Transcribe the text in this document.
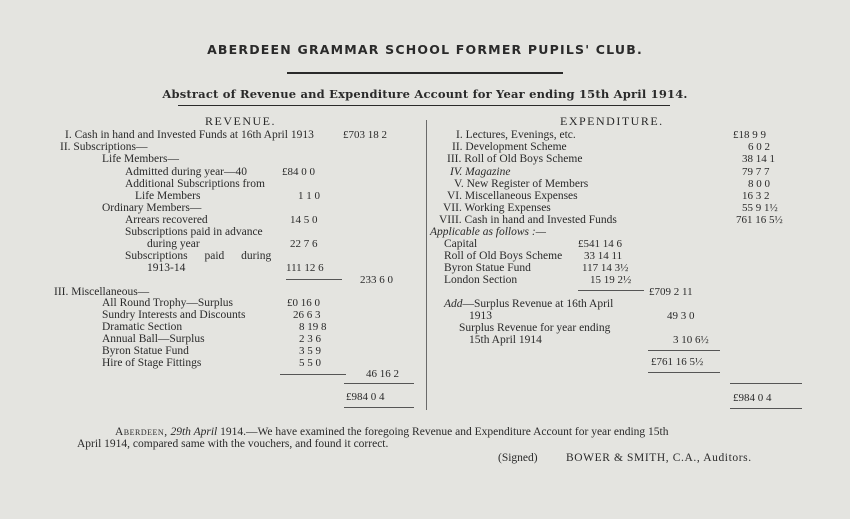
ABERDEEN GRAMMAR SCHOOL FORMER PUPILS' CLUB.
Abstract of Revenue and Expenditure Account for Year ending 15th April 1914.
REVENUE.
I. Cash in hand and Invested Funds at 16th April 1913	£703 18 2
II. Subscriptions—
Life Members—
Admitted during year—40	£84 0 0
Additional Subscriptions from
Life Members	1 1 0
Ordinary Members—
Arrears recovered	14 5 0
Subscriptions paid in advance
during year	22 7 6
Subscriptions paid during
1913-14	111 12 6
233 6 0
III. Miscellaneous—
All Round Trophy—Surplus	£0 16 0
Sundry Interests and Discounts	26 6 3
Dramatic Section	8 19 8
Annual Ball—Surplus	2 3 6
Byron Statue Fund	3 5 9
Hire of Stage Fittings	5 5 0
46 16 2
£984 0 4
EXPENDITURE.
I. Lectures, Evenings, etc.	£18 9 9
II. Development Scheme	6 0 2
III. Roll of Old Boys Scheme	38 14 1
IV. Magazine	79 7 7
V. New Register of Members	8 0 0
VI. Miscellaneous Expenses	16 3 2
VII. Working Expenses	55 9 1½
VIII. Cash in hand and Invested Funds	761 16 5½
Applicable as follows :—
Capital	£541 14 6
Roll of Old Boys Scheme 33 14 11
Byron Statue Fund	117 14 3½
London Section	15 19 2½
£709 2 11
Add—Surplus Revenue at 16th April
1913	49 3 0
Surplus Revenue for year ending
15th April 1914	3 10 6½
£761 16 5½
£984 0 4
Aberdeen, 29th April 1914.—We have examined the foregoing Revenue and Expenditure Account for year ending 15th
April 1914, compared same with the vouchers, and found it correct.
(Signed) BOWER & SMITH, C.A., Auditors.
